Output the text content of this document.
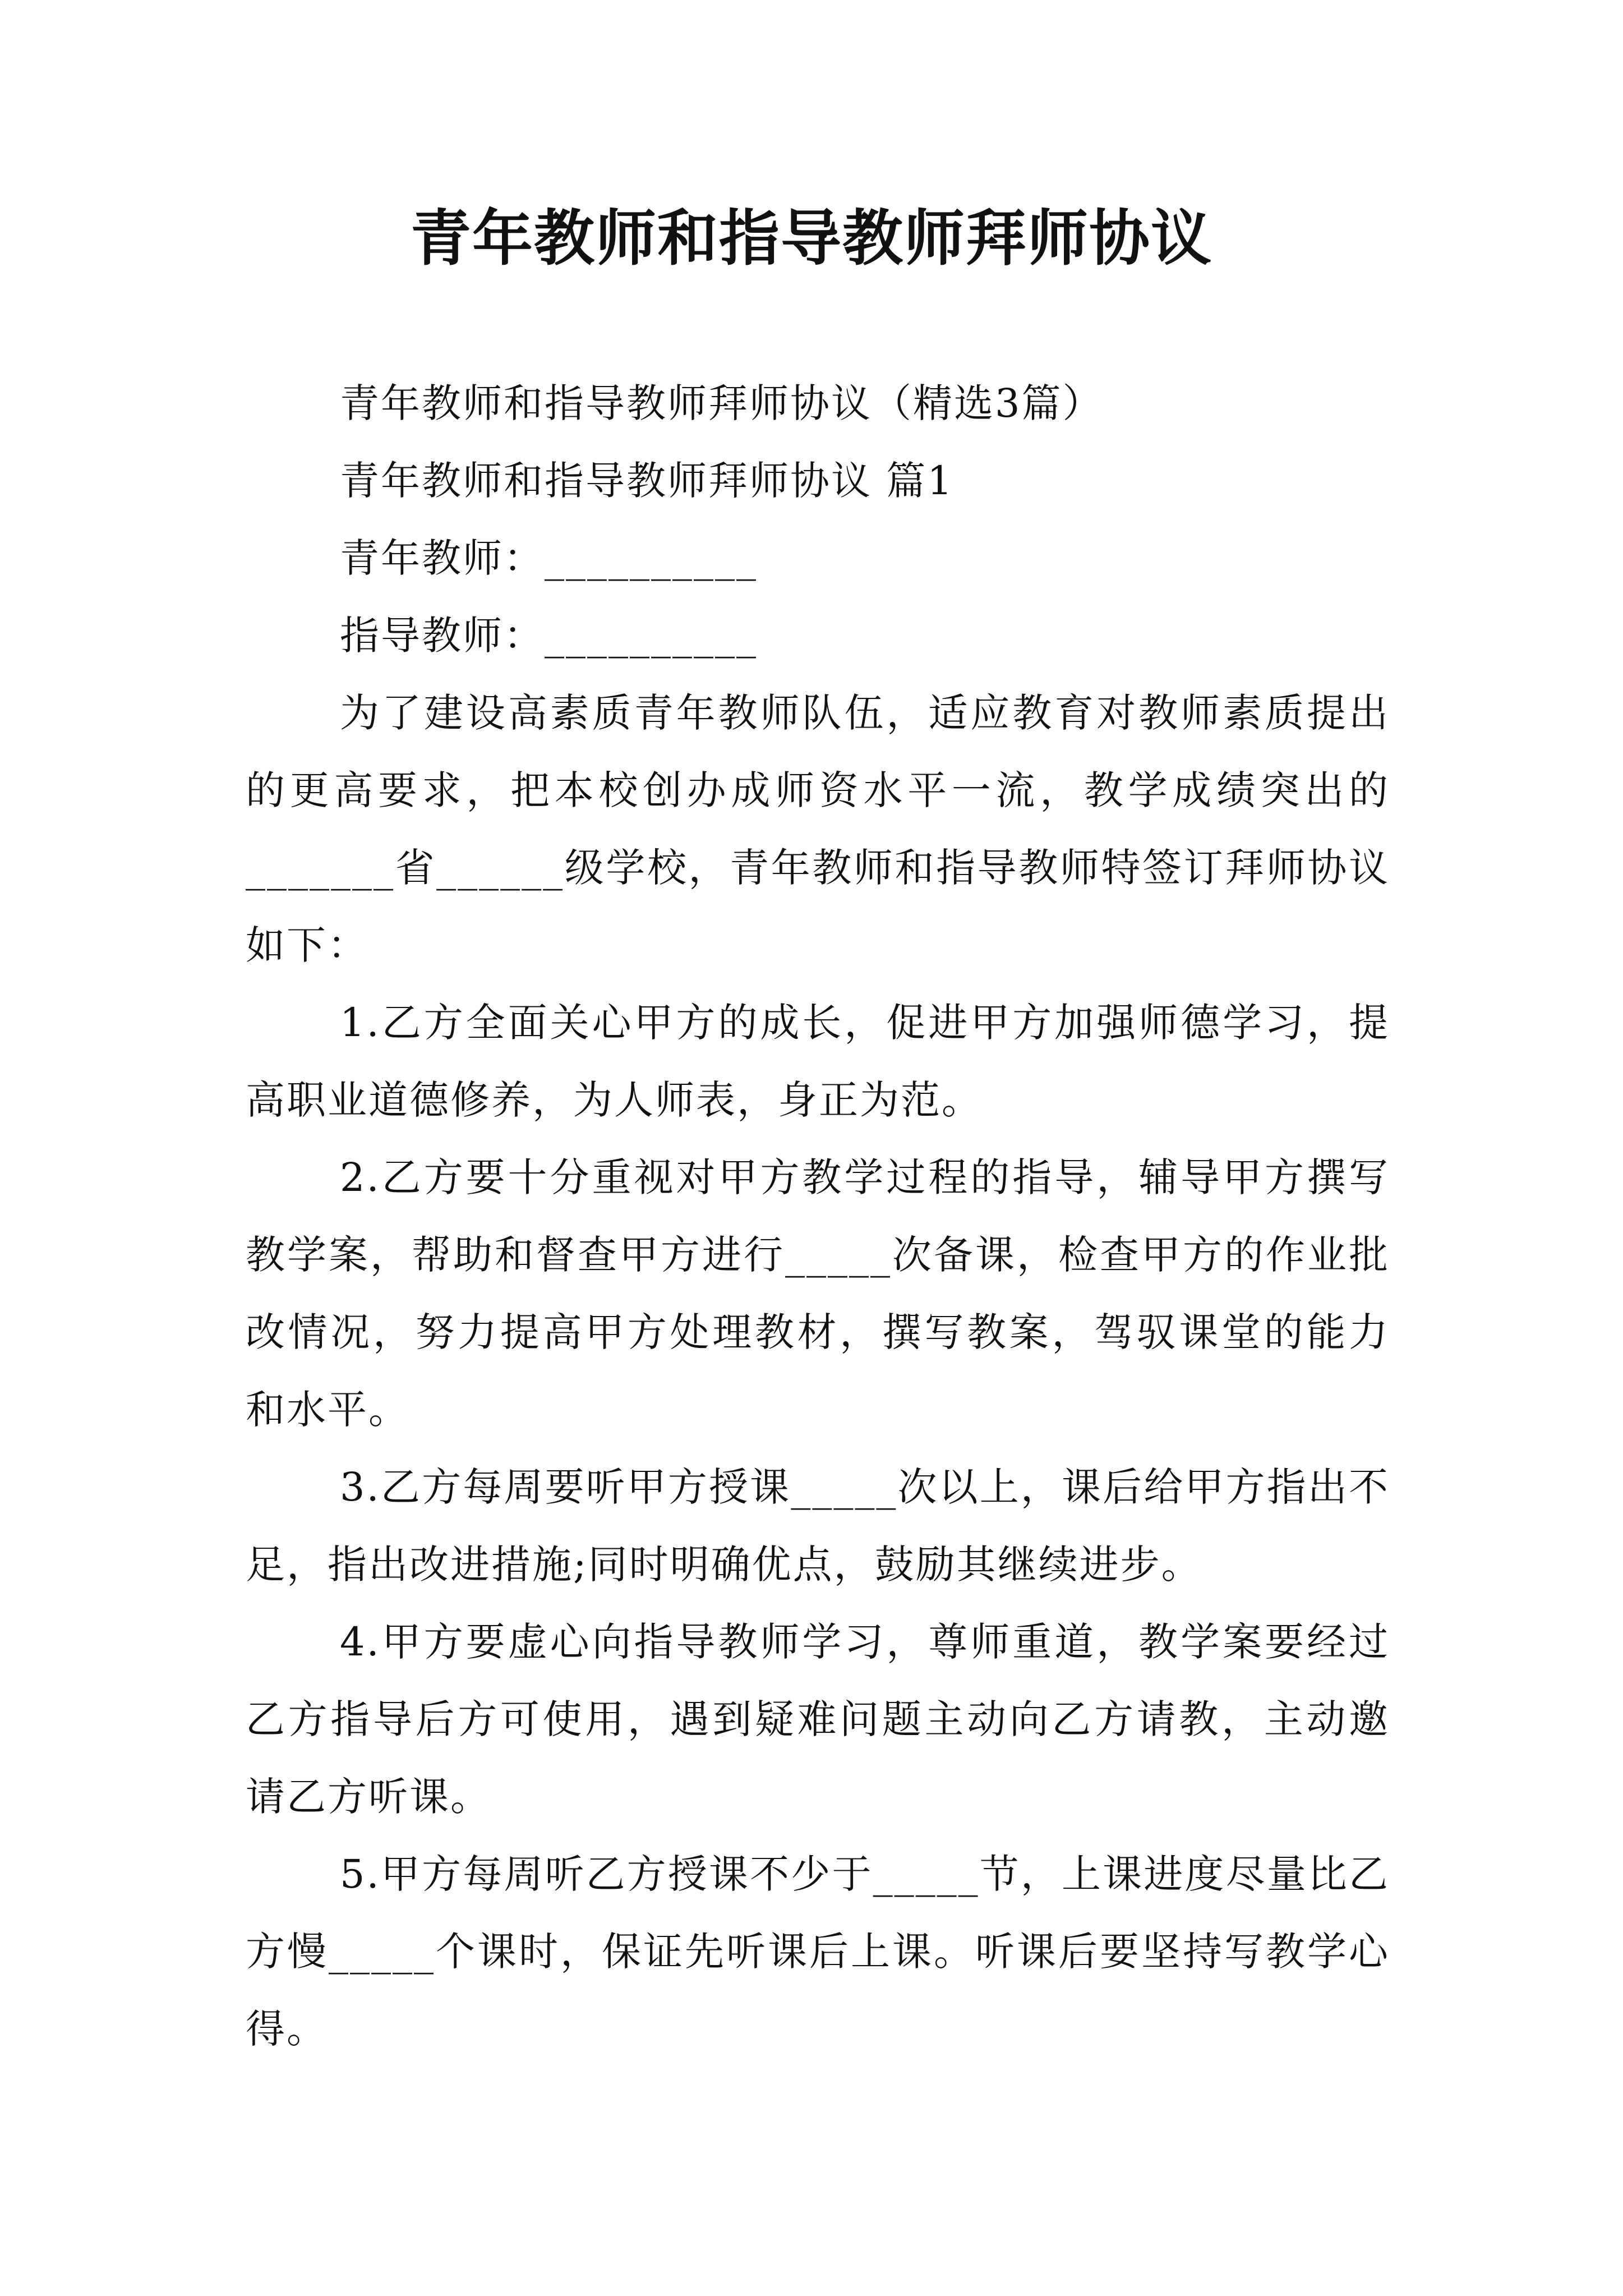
青年教师和指导教师拜师协议

青年教师和指导教师拜师协议（精选3篇）

青年教师和指导教师拜师协议 篇1

青年教师：__________

指导教师：__________

为了建设高素质青年教师队伍，适应教育对教师素质提出的更高要求，把本校创办成师资水平一流，教学成绩突出的_______省______级学校，青年教师和指导教师特签订拜师协议如下：

1.乙方全面关心甲方的成长，促进甲方加强师德学习，提高职业道德修养，为人师表，身正为范。

2.乙方要十分重视对甲方教学过程的指导，辅导甲方撰写教学案，帮助和督查甲方进行_____次备课，检查甲方的作业批改情况，努力提高甲方处理教材，撰写教案，驾驭课堂的能力和水平。

3.乙方每周要听甲方授课_____次以上，课后给甲方指出不足，指出改进措施;同时明确优点，鼓励其继续进步。

4.甲方要虚心向指导教师学习，尊师重道，教学案要经过乙方指导后方可使用，遇到疑难问题主动向乙方请教，主动邀请乙方听课。

5.甲方每周听乙方授课不少于_____节，上课进度尽量比乙方慢_____个课时，保证先听课后上课。听课后要坚持写教学心得。
